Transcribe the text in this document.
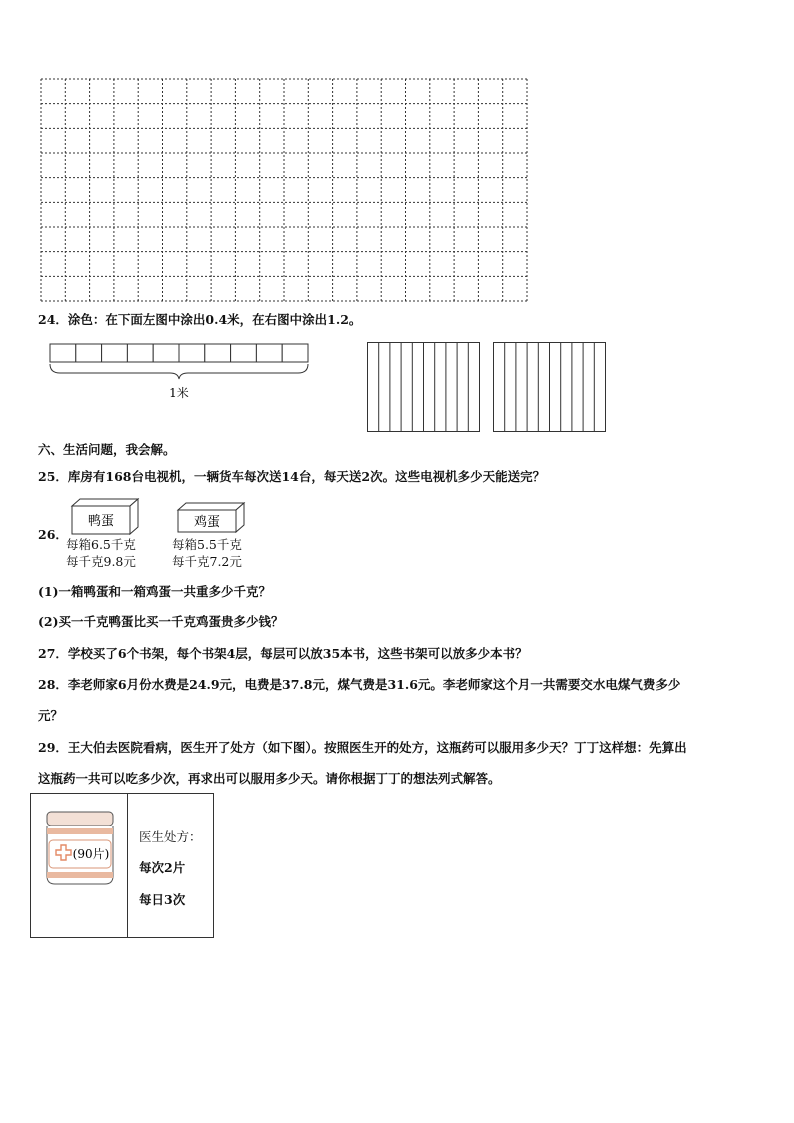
24．涂色：在下面左图中涂出0.4米，在右图中涂出1.2。
1米
六、生活问题，我会解。
25．库房有168台电视机，一辆货车每次送14台，每天送2次。这些电视机多少天能送完？
26．
鸭蛋
每箱6.5千克
每千克9.8元
鸡蛋
每箱5.5千克
每千克7.2元
(1)一箱鸭蛋和一箱鸡蛋一共重多少千克？
(2)买一千克鸭蛋比买一千克鸡蛋贵多少钱？
27．学校买了6个书架，每个书架4层，每层可以放35本书，这些书架可以放多少本书？
28．李老师家6月份水费是24.9元，电费是37.8元，煤气费是31.6元。李老师家这个月一共需要交水电煤气费多少
元？
29．王大伯去医院看病，医生开了处方（如下图）。按照医生开的处方，这瓶药可以服用多少天？丁丁这样想：先算出
这瓶药一共可以吃多少次，再求出可以服用多少天。请你根据丁丁的想法列式解答。
(90片)
医生处方：
每次2片
每日3次
